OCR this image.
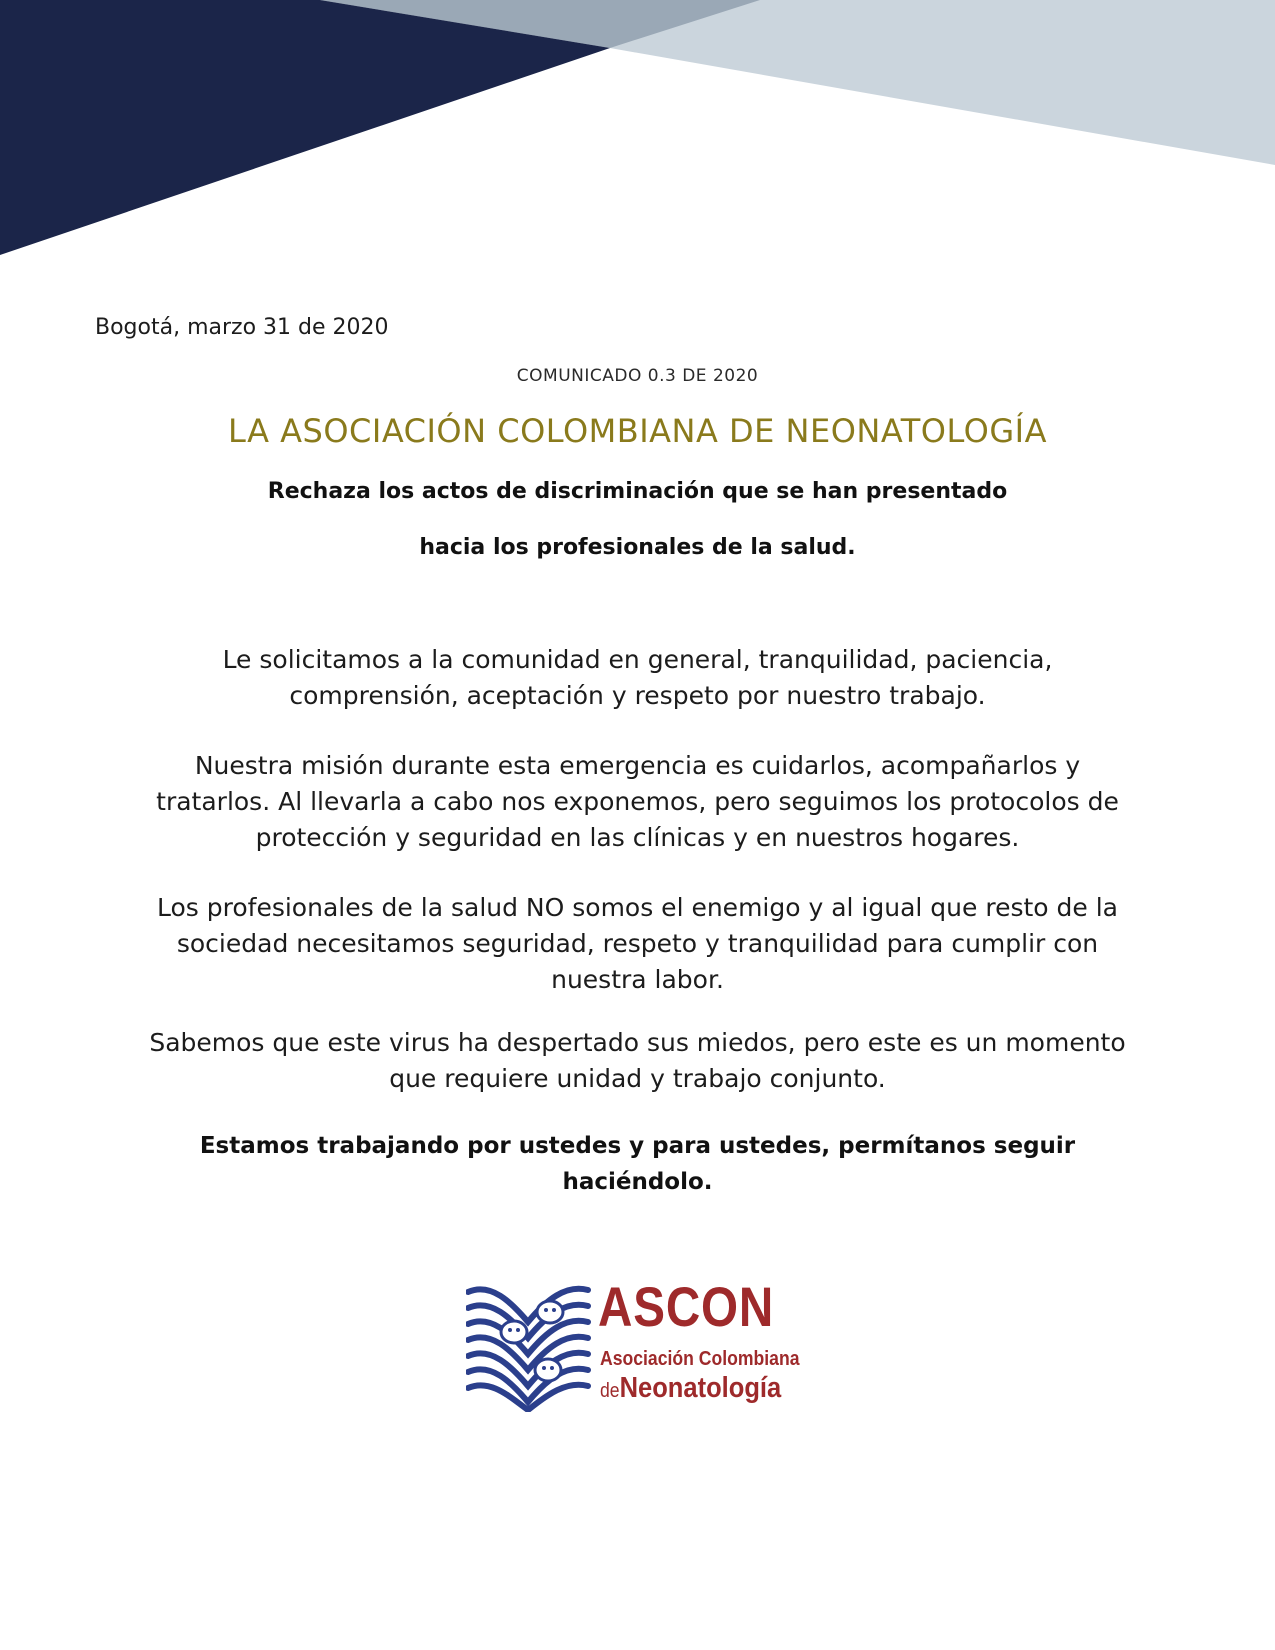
Bogotá, marzo 31 de 2020
COMUNICADO 0.3 DE 2020
LA ASOCIACIÓN COLOMBIANA DE NEONATOLOGÍA
Rechaza los actos de discriminación que se han presentado
hacia los profesionales de la salud.
Le solicitamos a la comunidad en general, tranquilidad, paciencia,
comprensión, aceptación y respeto por nuestro trabajo.
Nuestra misión durante esta emergencia es cuidarlos, acompañarlos y
tratarlos. Al llevarla a cabo nos exponemos, pero seguimos los protocolos de
protección y seguridad en las clínicas y en nuestros hogares.
Los profesionales de la salud NO somos el enemigo y al igual que resto de la
sociedad necesitamos seguridad, respeto y tranquilidad para cumplir con
nuestra labor.
Sabemos que este virus ha despertado sus miedos, pero este es un momento
que requiere unidad y trabajo conjunto.
Estamos trabajando por ustedes y para ustedes, permítanos seguir
haciéndolo.
ASCON
Asociación Colombiana
deNeonatología
